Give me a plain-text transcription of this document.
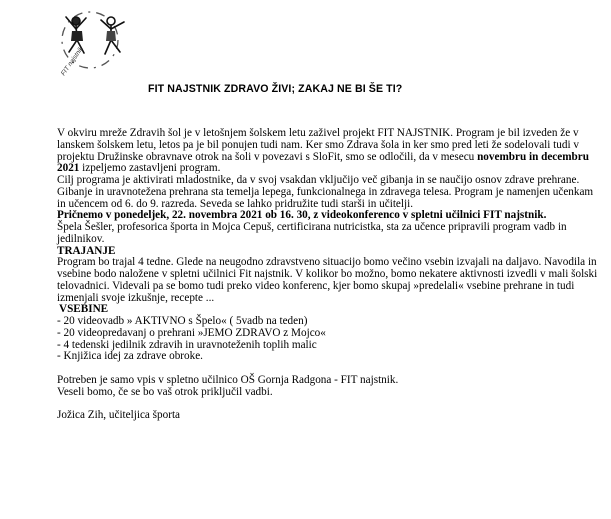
FIT najstnik
FIT NAJSTNIK ZDRAVO ŽIVI; ZAKAJ NE BI ŠE TI?

V okviru mreže Zdravih šol je v letošnjem šolskem letu zaživel projekt FIT NAJSTNIK. Program je bil izveden že v lanskem šolskem letu, letos pa je bil ponujen tudi nam. Ker smo Zdrava šola in ker smo pred leti že sodelovali tudi v projektu Družinske obravnave otrok na šoli v povezavi s SloFit, smo se odločili, da v mesecu novembru in decembru 2021 izpeljemo zastavljeni program.

Cilj programa je aktivirati mladostnike, da v svoj vsakdan vključijo več gibanja in se naučijo osnov zdrave prehrane. Gibanje in uravnotežena prehrana sta temelja lepega, funkcionalnega in zdravega telesa. Program je namenjen učenkam in učencem od 6. do 9. razreda. Seveda se lahko pridružite tudi starši in učitelji.

Pričnemo v ponedeljek, 22. novembra 2021 ob 16. 30, z videokonferenco v spletni učilnici FIT najstnik.

Špela Šešler, profesorica športa in Mojca Cepuš, certificirana nutricistka, sta za učence pripravili program vadb in jedilnikov.

TRAJANJE

Program bo trajal 4 tedne. Glede na neugodno zdravstveno situacijo bomo večino vsebin izvajali na daljavo. Navodila in vsebine bodo naložene v spletni učilnici Fit najstnik. V kolikor bo možno, bomo nekatere aktivnosti izvedli v mali šolski telovadnici. Videvali pa se bomo tudi preko video konferenc, kjer bomo skupaj »predelali« vsebine prehrane in tudi izmenjali svoje izkušnje, recepte ...

VSEBINE

- 20 videovadb » AKTIVNO s Špelo« ( 5vadb na teden)

- 20 videopredavanj o prehrani »JEMO ZDRAVO z Mojco«

- 4 tedenski jedilnik zdravih in uravnoteženih toplih malic

- Knjižica idej za zdrave obroke.

Potreben je samo vpis v spletno učilnico OŠ Gornja Radgona - FIT najstnik.

Veseli bomo, če se bo vaš otrok priključil vadbi.

Jožica Zih, učiteljica športa
